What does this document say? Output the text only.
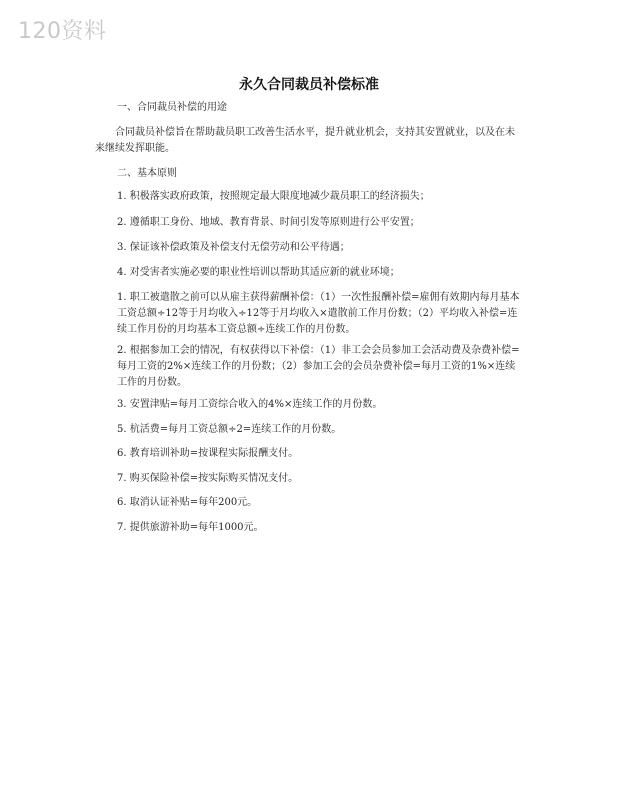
120资料
永久合同裁员补偿标准

一、合同裁员补偿的用途

合同裁员补偿旨在帮助裁员职工改善生活水平，提升就业机会，支持其安置就业，以及在未来继续发挥职能。

二、基本原则

1. 积极落实政府政策，按照规定最大限度地减少裁员职工的经济损失；

2. 遵循职工身份、地域、教育背景、时间引发等原则进行公平安置；

3. 保证该补偿政策及补偿支付无偿劳动和公平待遇；

4. 对受害者实施必要的职业性培训以帮助其适应新的就业环境；

1. 职工被遣散之前可以从雇主获得薪酬补偿：（1）一次性报酬补偿=雇佣有效期内每月基本工资总额÷12等于月均收入÷12等于月均收入×遣散前工作月份数；（2）平均收入补偿=连续工作月份的月均基本工资总额÷连续工作的月份数。

2. 根据参加工会的情况，有权获得以下补偿：（1）非工会会员参加工会活动费及杂费补偿=每月工资的2%×连续工作的月份数；（2）参加工会的会员杂费补偿=每月工资的1%×连续工作的月份数。

3. 安置津贴=每月工资综合收入的4%×连续工作的月份数。

5. 杭活费=每月工资总额÷2=连续工作的月份数。

6. 教育培训补助=按课程实际报酬支付。

7. 购买保险补偿=按实际购买情况支付。

6. 取消认证补贴=每年200元。

7. 提供旅游补助=每年1000元。
